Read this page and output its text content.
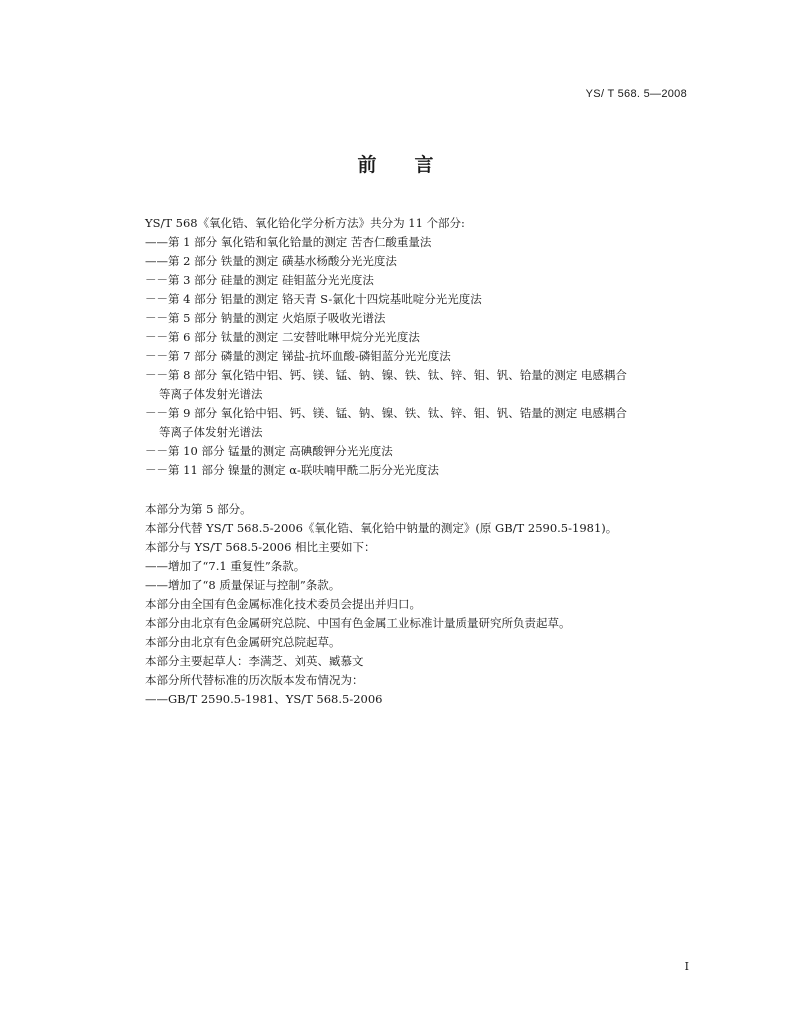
YS/ T 568. 5—2008
前言
YS/T 568《氧化锆、氧化铪化学分析方法》共分为 11 个部分:
——第 1 部分 氧化锆和氧化铪量的测定 苦杏仁酸重量法
——第 2 部分 铁量的测定 磺基水杨酸分光光度法
－－第 3 部分 硅量的测定 硅钼蓝分光光度法
－－第 4 部分 铝量的测定 铬天青 S-氯化十四烷基吡啶分光光度法
－－第 5 部分 钠量的测定 火焰原子吸收光谱法
－－第 6 部分 钛量的测定 二安替吡啉甲烷分光光度法
－－第 7 部分 磷量的测定 锑盐-抗坏血酸-磷钼蓝分光光度法
－－第 8 部分 氧化锆中铝、钙、镁、锰、钠、镍、铁、钛、锌、钼、钒、铪量的测定 电感耦合
等离子体发射光谱法
－－第 9 部分 氧化铪中铝、钙、镁、锰、钠、镍、铁、钛、锌、钼、钒、锆量的测定 电感耦合
等离子体发射光谱法
－－第 10 部分 锰量的测定 高碘酸钾分光光度法
－－第 11 部分 镍量的测定 α-联呋喃甲酰二肟分光光度法
本部分为第 5 部分。
本部分代替 YS/T 568.5-2006《氧化锆、氧化铪中钠量的测定》(原 GB/T 2590.5-1981)。
本部分与 YS/T 568.5-2006 相比主要如下：
——增加了“7.1 重复性”条款。
——增加了“8 质量保证与控制”条款。
本部分由全国有色金属标准化技术委员会提出并归口。
本部分由北京有色金属研究总院、中国有色金属工业标准计量质量研究所负责起草。
本部分由北京有色金属研究总院起草。
本部分主要起草人：李满芝、刘英、臧慕文
本部分所代替标准的历次版本发布情况为：
——GB/T 2590.5-1981、YS/T 568.5-2006
I
